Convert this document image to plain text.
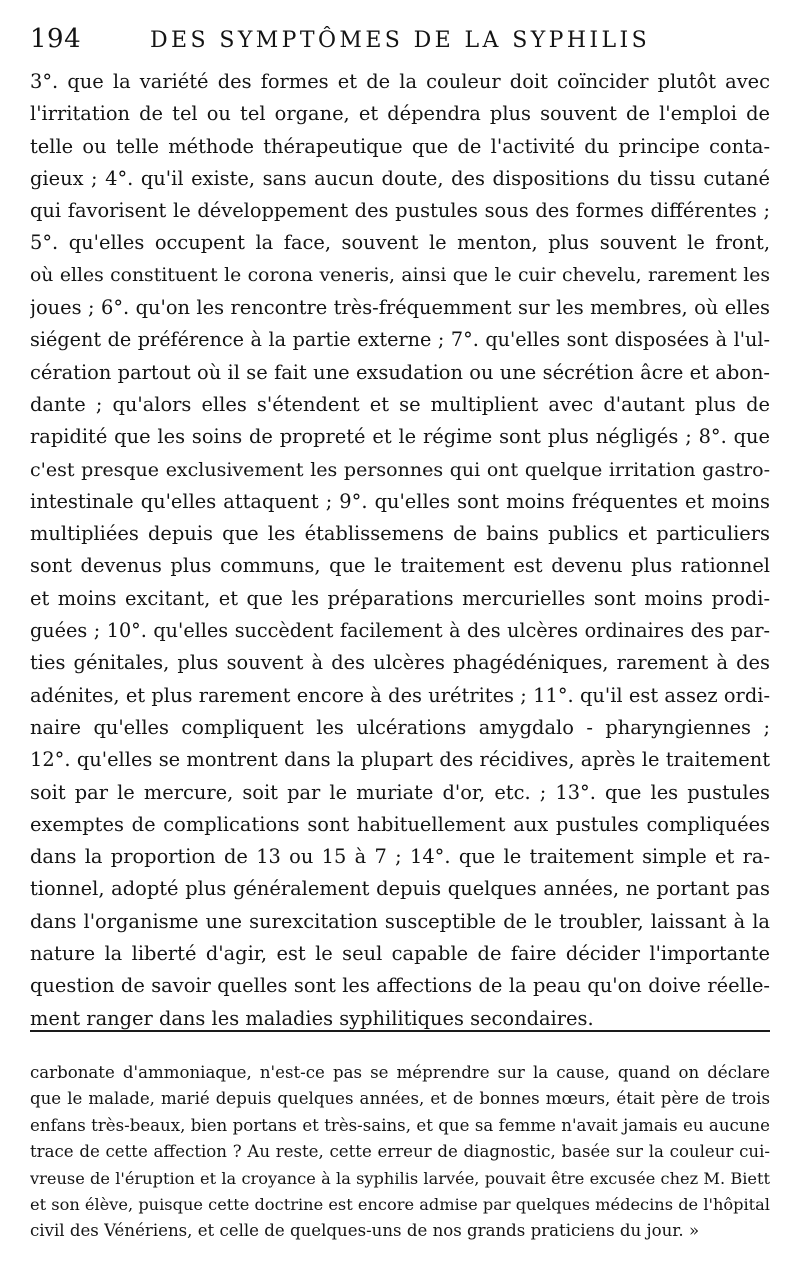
194	DES SYMPTÔMES DE LA SYPHILIS
3°. que la variété des formes et de la couleur doit coïncider plutôt avec
l'irritation de tel ou tel organe, et dépendra plus souvent de l'emploi de
telle ou telle méthode thérapeutique que de l'activité du principe conta-
gieux ; 4°. qu'il existe, sans aucun doute, des dispositions du tissu cutané
qui favorisent le développement des pustules sous des formes différentes ;
5°. qu'elles occupent la face, souvent le menton, plus souvent le front,
où elles constituent le corona veneris, ainsi que le cuir chevelu, rarement les
joues ; 6°. qu'on les rencontre très-fréquemment sur les membres, où elles
siégent de préférence à la partie externe ; 7°. qu'elles sont disposées à l'ul-
cération partout où il se fait une exsudation ou une sécrétion âcre et abon-
dante ; qu'alors elles s'étendent et se multiplient avec d'autant plus de
rapidité que les soins de propreté et le régime sont plus négligés ; 8°. que
c'est presque exclusivement les personnes qui ont quelque irritation gastro-
intestinale qu'elles attaquent ; 9°. qu'elles sont moins fréquentes et moins
multipliées depuis que les établissemens de bains publics et particuliers
sont devenus plus communs, que le traitement est devenu plus rationnel
et moins excitant, et que les préparations mercurielles sont moins prodi-
guées ; 10°. qu'elles succèdent facilement à des ulcères ordinaires des par-
ties génitales, plus souvent à des ulcères phagédéniques, rarement à des
adénites, et plus rarement encore à des urétrites ; 11°. qu'il est assez ordi-
naire qu'elles compliquent les ulcérations amygdalo - pharyngiennes ;
12°. qu'elles se montrent dans la plupart des récidives, après le traitement
soit par le mercure, soit par le muriate d'or, etc. ; 13°. que les pustules
exemptes de complications sont habituellement aux pustules compliquées
dans la proportion de 13 ou 15 à 7 ; 14°. que le traitement simple et ra-
tionnel, adopté plus généralement depuis quelques années, ne portant pas
dans l'organisme une surexcitation susceptible de le troubler, laissant à la
nature la liberté d'agir, est le seul capable de faire décider l'importante
question de savoir quelles sont les affections de la peau qu'on doive réelle-
ment ranger dans les maladies syphilitiques secondaires.
carbonate d'ammoniaque, n'est-ce pas se méprendre sur la cause, quand on déclare
que le malade, marié depuis quelques années, et de bonnes mœurs, était père de trois
enfans très-beaux, bien portans et très-sains, et que sa femme n'avait jamais eu aucune
trace de cette affection ? Au reste, cette erreur de diagnostic, basée sur la couleur cui-
vreuse de l'éruption et la croyance à la syphilis larvée, pouvait être excusée chez M. Biett
et son élève, puisque cette doctrine est encore admise par quelques médecins de l'hôpital
civil des Vénériens, et celle de quelques-uns de nos grands praticiens du jour. »
